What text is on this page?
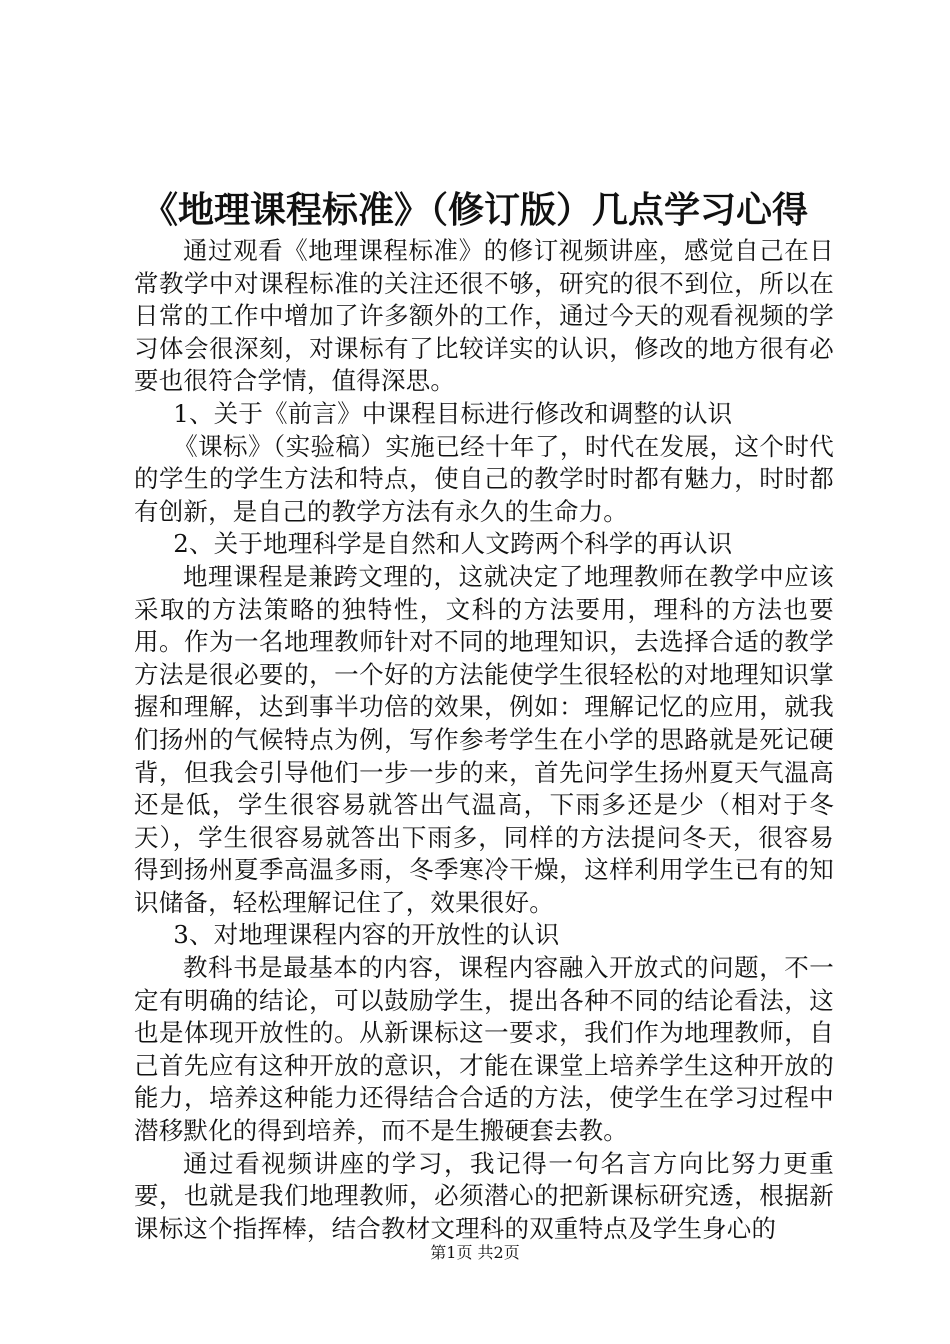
《地理课程标准》（修订版）几点学习心得

通过观看《地理课程标准》的修订视频讲座，感觉自己在日常教学中对课程标准的关注还很不够，研究的很不到位，所以在日常的工作中增加了许多额外的工作，通过今天的观看视频的学习体会很深刻，对课标有了比较详实的认识，修改的地方很有必要也很符合学情，值得深思。

1、关于《前言》中课程目标进行修改和调整的认识

《课标》（实验稿）实施已经十年了，时代在发展，这个时代的学生的学生方法和特点，使自己的教学时时都有魅力，时时都有创新，是自己的教学方法有永久的生命力。

2、关于地理科学是自然和人文跨两个科学的再认识

地理课程是兼跨文理的，这就决定了地理教师在教学中应该采取的方法策略的独特性，文科的方法要用，理科的方法也要用。作为一名地理教师针对不同的地理知识，去选择合适的教学方法是很必要的，一个好的方法能使学生很轻松的对地理知识掌握和理解，达到事半功倍的效果，例如：理解记忆的应用，就我们扬州的气候特点为例，写作参考学生在小学的思路就是死记硬背，但我会引导他们一步一步的来，首先问学生扬州夏天气温高还是低，学生很容易就答出气温高，下雨多还是少（相对于冬天），学生很容易就答出下雨多，同样的方法提问冬天，很容易得到扬州夏季高温多雨，冬季寒冷干燥，这样利用学生已有的知识储备，轻松理解记住了，效果很好。

3、对地理课程内容的开放性的认识

教科书是最基本的内容，课程内容融入开放式的问题，不一定有明确的结论，可以鼓励学生，提出各种不同的结论看法，这也是体现开放性的。从新课标这一要求，我们作为地理教师，自己首先应有这种开放的意识，才能在课堂上培养学生这种开放的能力，培养这种能力还得结合合适的方法，使学生在学习过程中潜移默化的得到培养，而不是生搬硬套去教。

通过看视频讲座的学习，我记得一句名言方向比努力更重要，也就是我们地理教师，必须潜心的把新课标研究透，根据新课标这个指挥棒，结合教材文理科的双重特点及学生身心的

第1页 共2页
